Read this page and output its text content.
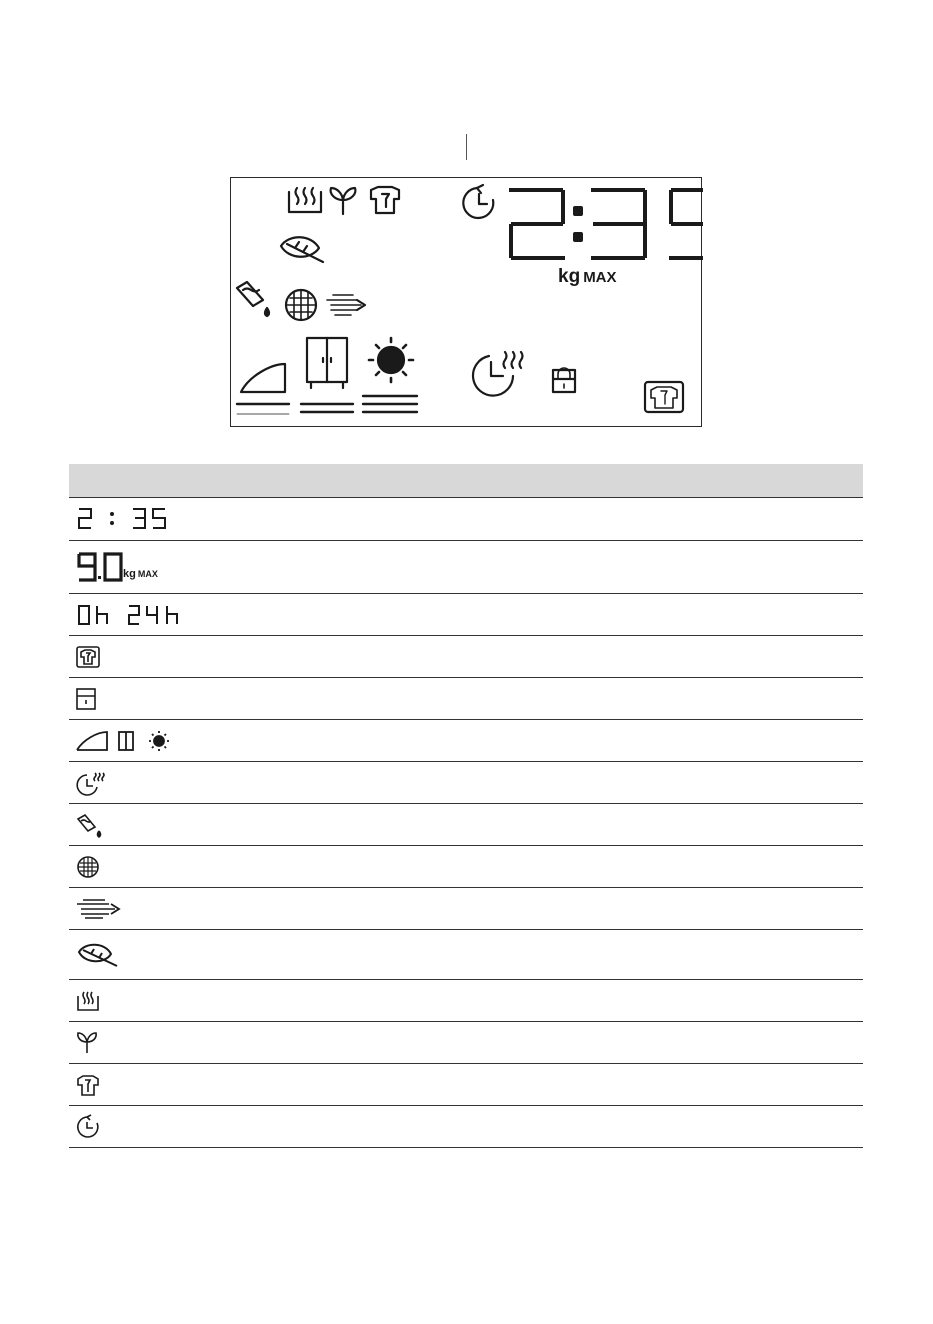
kg MAX
kg MAX
